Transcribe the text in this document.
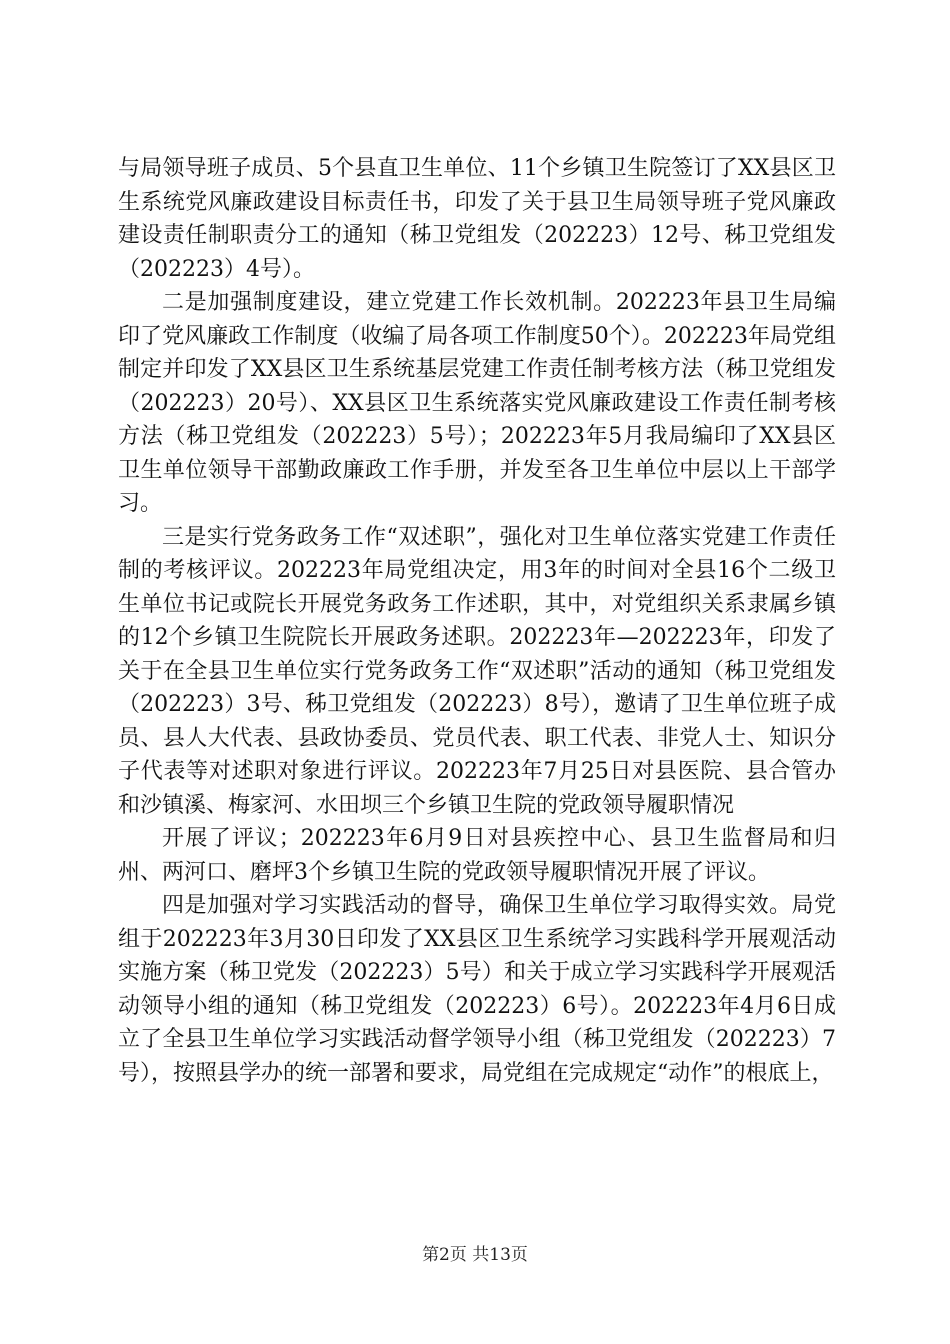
与局领导班子成员、5个县直卫生单位、11个乡镇卫生院签订了XX县区卫生系统党风廉政建设目标责任书，印发了关于县卫生局领导班子党风廉政建设责任制职责分工的通知（秭卫党组发（202223）12号、秭卫党组发（202223）4号）。

二是加强制度建设，建立党建工作长效机制。202223年县卫生局编印了党风廉政工作制度（收编了局各项工作制度50个）。202223年局党组制定并印发了XX县区卫生系统基层党建工作责任制考核方法（秭卫党组发（202223）20号）、XX县区卫生系统落实党风廉政建设工作责任制考核方法（秭卫党组发（202223）5号）；202223年5月我局编印了XX县区卫生单位领导干部勤政廉政工作手册，并发至各卫生单位中层以上干部学习。

三是实行党务政务工作“双述职”，强化对卫生单位落实党建工作责任制的考核评议。202223年局党组决定，用3年的时间对全县16个二级卫生单位书记或院长开展党务政务工作述职，其中，对党组织关系隶属乡镇的12个乡镇卫生院院长开展政务述职。202223年—202223年，印发了关于在全县卫生单位实行党务政务工作“双述职”活动的通知（秭卫党组发（202223）3号、秭卫党组发（202223）8号），邀请了卫生单位班子成员、县人大代表、县政协委员、党员代表、职工代表、非党人士、知识分子代表等对述职对象进行评议。202223年7月25日对县医院、县合管办和沙镇溪、梅家河、水田坝三个乡镇卫生院的党政领导履职情况

开展了评议；202223年6月9日对县疾控中心、县卫生监督局和归州、两河口、磨坪3个乡镇卫生院的党政领导履职情况开展了评议。

四是加强对学习实践活动的督导，确保卫生单位学习取得实效。局党组于202223年3月30日印发了XX县区卫生系统学习实践科学开展观活动实施方案（秭卫党发（202223）5号）和关于成立学习实践科学开展观活动领导小组的通知（秭卫党组发（202223）6号）。202223年4月6日成立了全县卫生单位学习实践活动督学领导小组（秭卫党组发（202223）7号），按照县学办的统一部署和要求，局党组在完成规定“动作”的根底上，

第2页 共13页
